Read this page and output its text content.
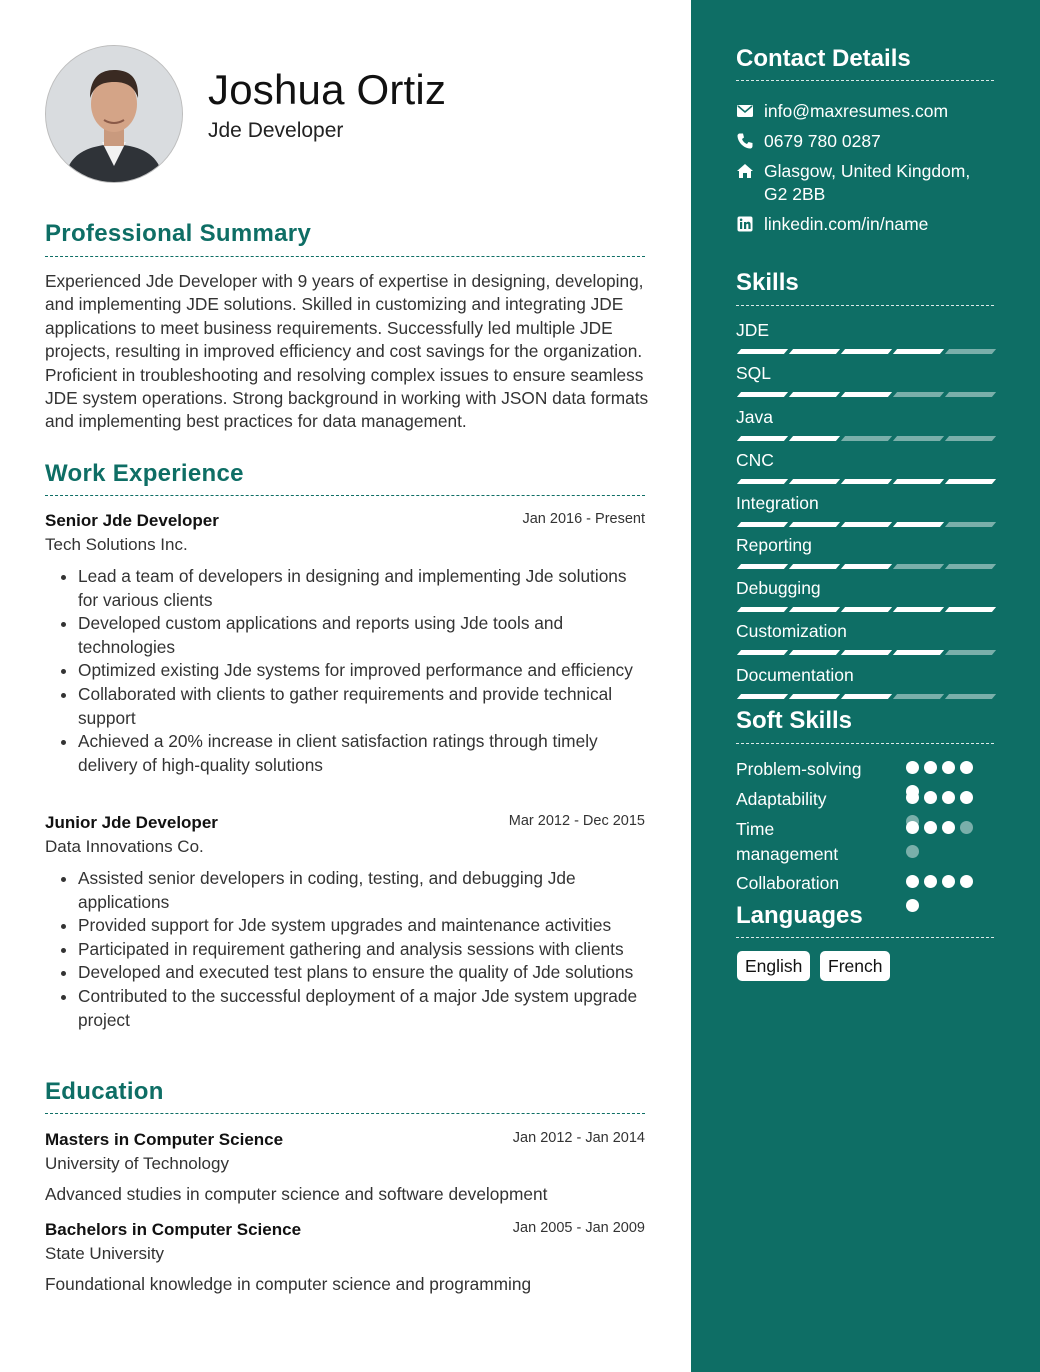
Joshua Ortiz
Jde Developer
Professional Summary
Experienced Jde Developer with 9 years of expertise in designing, developing, and implementing JDE solutions. Skilled in customizing and integrating JDE applications to meet business requirements. Successfully led multiple JDE projects, resulting in improved efficiency and cost savings for the organization. Proficient in troubleshooting and resolving complex issues to ensure seamless JDE system operations. Strong background in working with JSON data formats and implementing best practices for data management.
Work Experience
Senior Jde Developer	Jan 2016 - Present
Tech Solutions Inc.
• Lead a team of developers in designing and implementing Jde solutions for various clients
• Developed custom applications and reports using Jde tools and technologies
• Optimized existing Jde systems for improved performance and efficiency
• Collaborated with clients to gather requirements and provide technical support
• Achieved a 20% increase in client satisfaction ratings through timely delivery of high-quality solutions
Junior Jde Developer	Mar 2012 - Dec 2015
Data Innovations Co.
• Assisted senior developers in coding, testing, and debugging Jde applications
• Provided support for Jde system upgrades and maintenance activities
• Participated in requirement gathering and analysis sessions with clients
• Developed and executed test plans to ensure the quality of Jde solutions
• Contributed to the successful deployment of a major Jde system upgrade project
Education
Masters in Computer Science	Jan 2012 - Jan 2014
University of Technology
Advanced studies in computer science and software development
Bachelors in Computer Science	Jan 2005 - Jan 2009
State University
Foundational knowledge in computer science and programming
Contact Details
info@maxresumes.com
0679 780 0287
Glasgow, United Kingdom,
G2 2BB
linkedin.com/in/name
Skills
JDE
SQL
Java
CNC
Integration
Reporting
Debugging
Customization
Documentation
Soft Skills
Problem-solving
Adaptability
Time management
Collaboration
Languages
English	French
